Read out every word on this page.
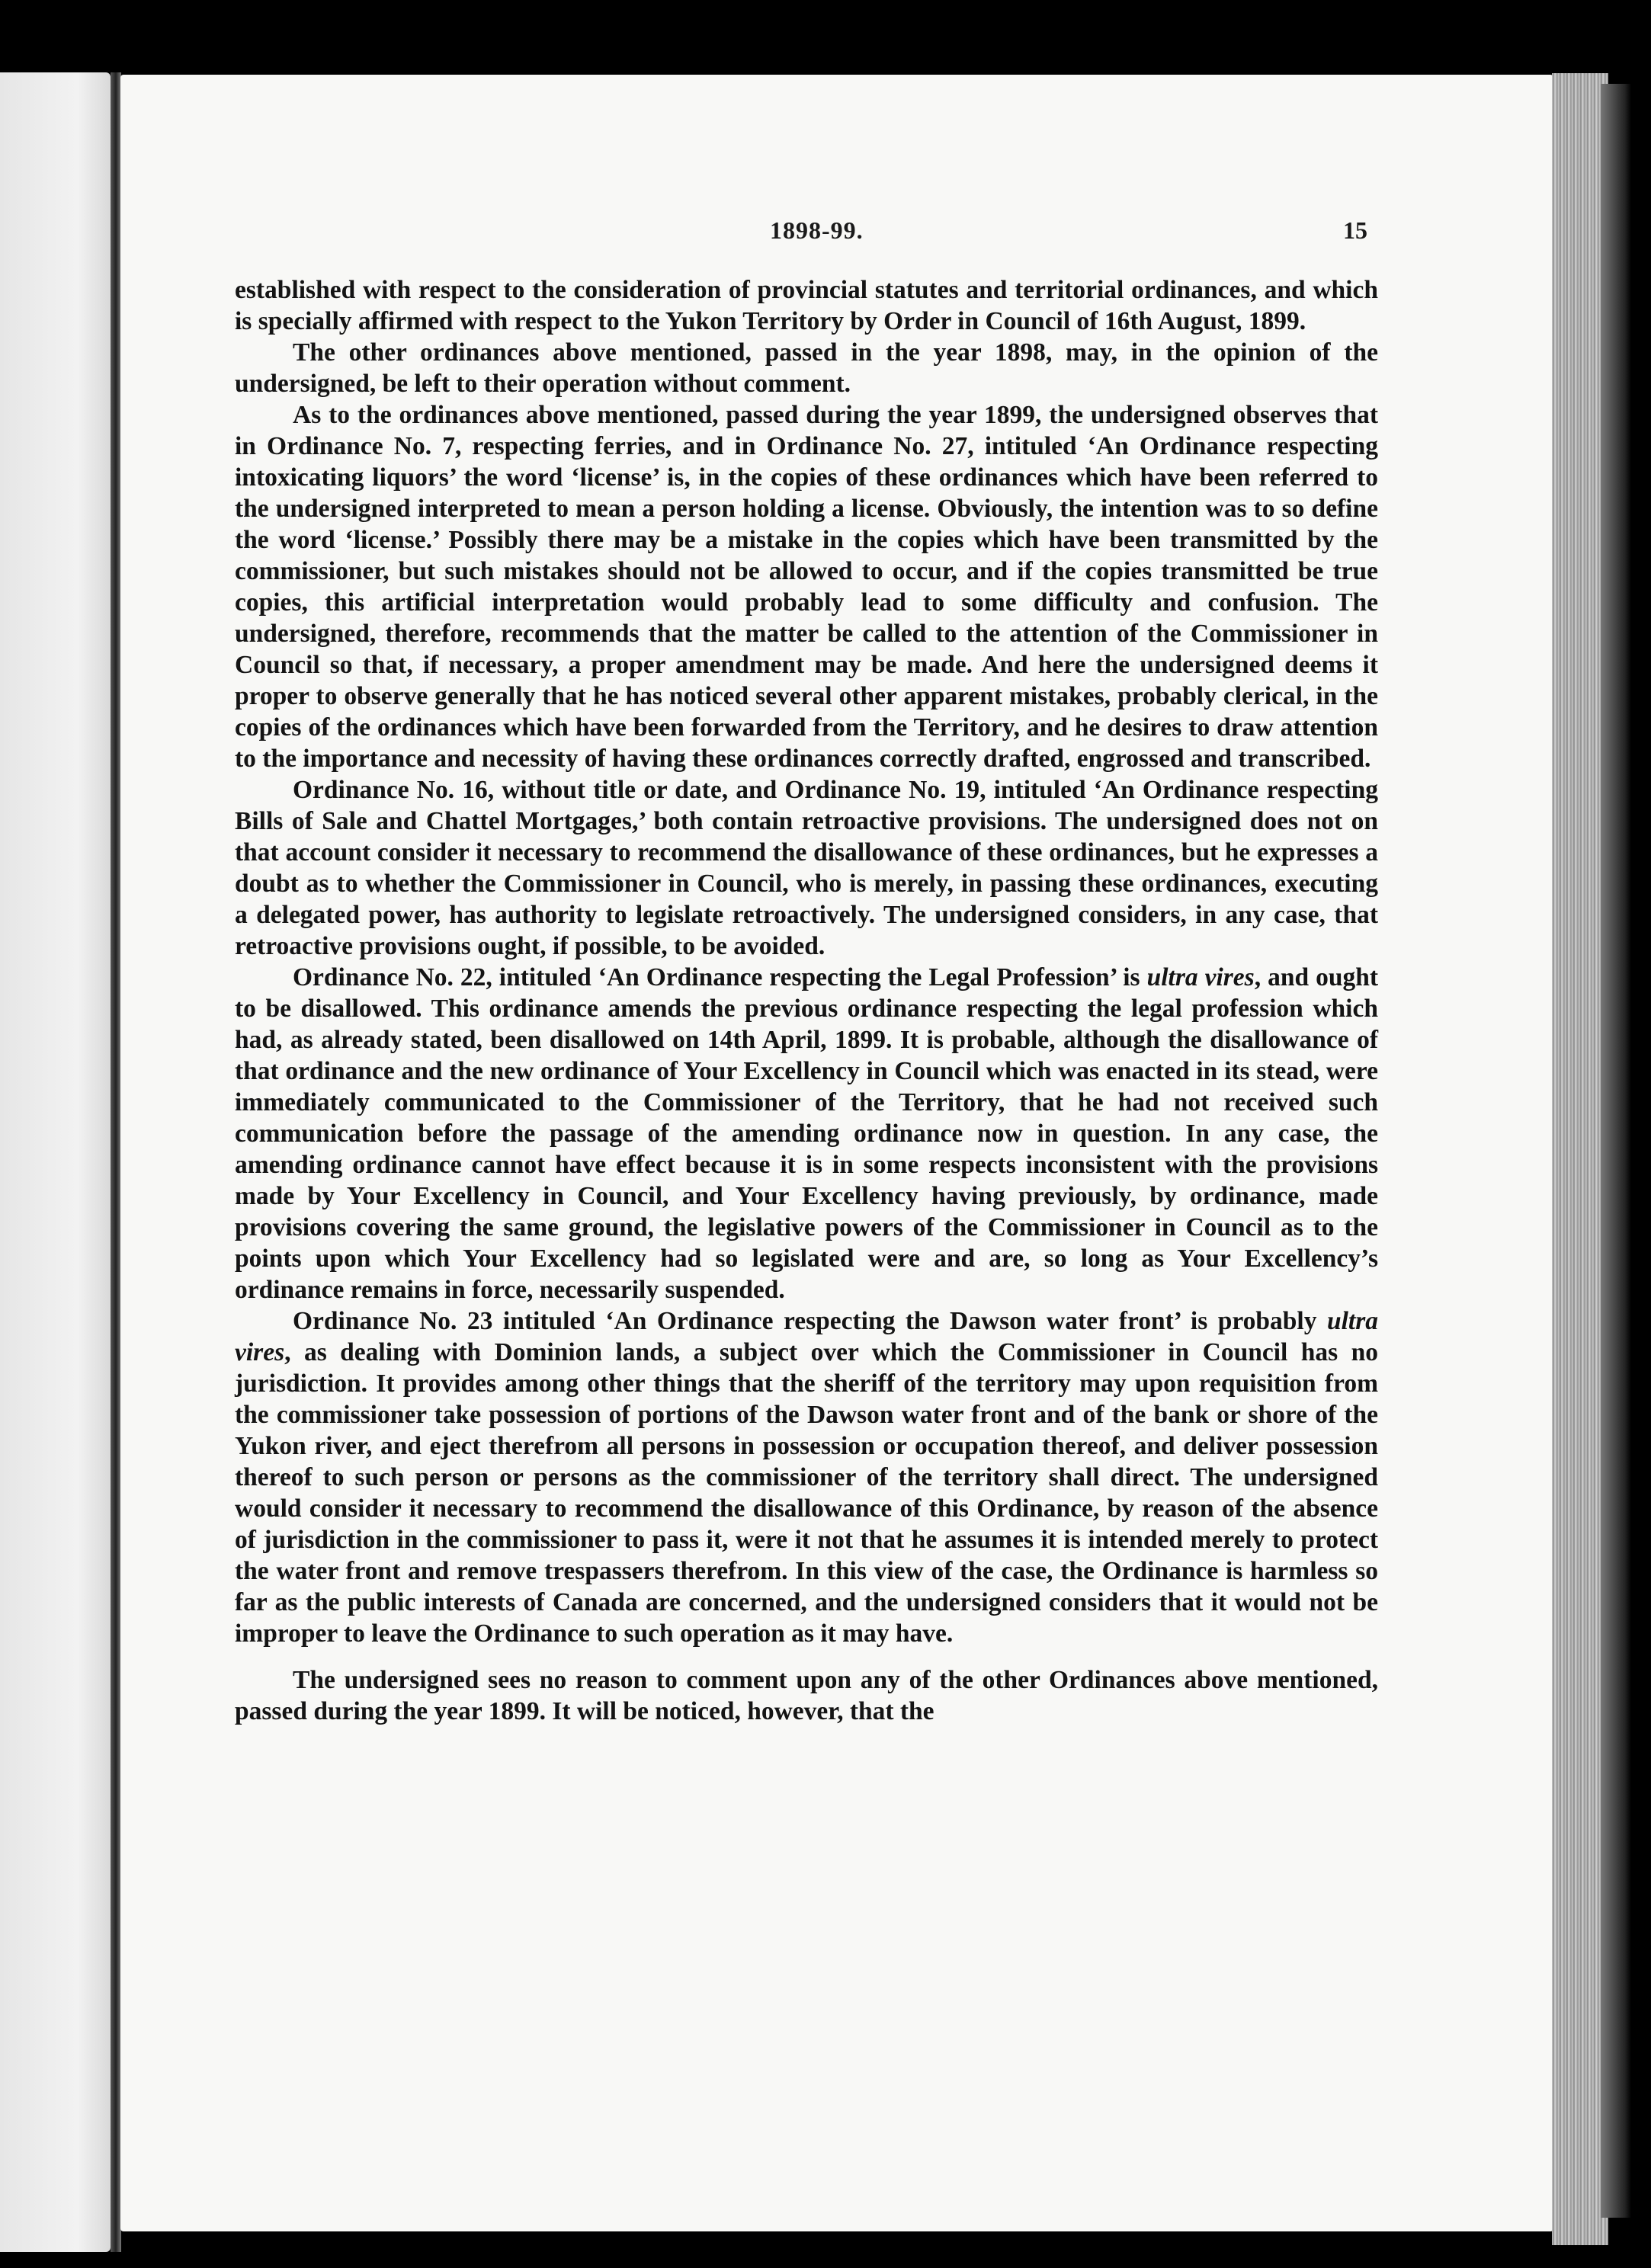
1898-99.	15

established with respect to the consideration of provincial statutes and territorial ordinances, and which is specially affirmed with respect to the Yukon Territory by Order in Council of 16th August, 1899.

The other ordinances above mentioned, passed in the year 1898, may, in the opinion of the undersigned, be left to their operation without comment.

As to the ordinances above mentioned, passed during the year 1899, the undersigned observes that in Ordinance No. 7, respecting ferries, and in Ordinance No. 27, intituled ‘An Ordinance respecting intoxicating liquors’ the word ‘license’ is, in the copies of these ordinances which have been referred to the undersigned interpreted to mean a person holding a license. Obviously, the intention was to so define the word ‘license.’ Possibly there may be a mistake in the copies which have been transmitted by the commissioner, but such mistakes should not be allowed to occur, and if the copies transmitted be true copies, this artificial interpretation would probably lead to some difficulty and confusion. The undersigned, therefore, recommends that the matter be called to the attention of the Commissioner in Council so that, if necessary, a proper amendment may be made. And here the undersigned deems it proper to observe generally that he has noticed several other apparent mistakes, probably clerical, in the copies of the ordinances which have been forwarded from the Territory, and he desires to draw attention to the importance and necessity of having these ordinances correctly drafted, engrossed and transcribed.

Ordinance No. 16, without title or date, and Ordinance No. 19, intituled ‘An Ordinance respecting Bills of Sale and Chattel Mortgages,’ both contain retroactive provisions. The undersigned does not on that account consider it necessary to recommend the disallowance of these ordinances, but he expresses a doubt as to whether the Commissioner in Council, who is merely, in passing these ordinances, executing a delegated power, has authority to legislate retroactively. The undersigned considers, in any case, that retroactive provisions ought, if possible, to be avoided.

Ordinance No. 22, intituled ‘An Ordinance respecting the Legal Profession’ is ultra vires, and ought to be disallowed. This ordinance amends the previous ordinance respecting the legal profession which had, as already stated, been disallowed on 14th April, 1899. It is probable, although the disallowance of that ordinance and the new ordinance of Your Excellency in Council which was enacted in its stead, were immediately communicated to the Commissioner of the Territory, that he had not received such communication before the passage of the amending ordinance now in question. In any case, the amending ordinance cannot have effect because it is in some respects inconsistent with the provisions made by Your Excellency in Council, and Your Excellency having previously, by ordinance, made provisions covering the same ground, the legislative powers of the Commissioner in Council as to the points upon which Your Excellency had so legislated were and are, so long as Your Excellency’s ordinance remains in force, necessarily suspended.

Ordinance No. 23 intituled ‘An Ordinance respecting the Dawson water front’ is probably ultra vires, as dealing with Dominion lands, a subject over which the Commissioner in Council has no jurisdiction. It provides among other things that the sheriff of the territory may upon requisition from the commissioner take possession of portions of the Dawson water front and of the bank or shore of the Yukon river, and eject therefrom all persons in possession or occupation thereof, and deliver possession thereof to such person or persons as the commissioner of the territory shall direct. The undersigned would consider it necessary to recommend the disallowance of this Ordinance, by reason of the absence of jurisdiction in the commissioner to pass it, were it not that he assumes it is intended merely to protect the water front and remove trespassers therefrom. In this view of the case, the Ordinance is harmless so far as the public interests of Canada are concerned, and the undersigned considers that it would not be improper to leave the Ordinance to such operation as it may have.

The undersigned sees no reason to comment upon any of the other Ordinances above mentioned, passed during the year 1899. It will be noticed, however, that the
